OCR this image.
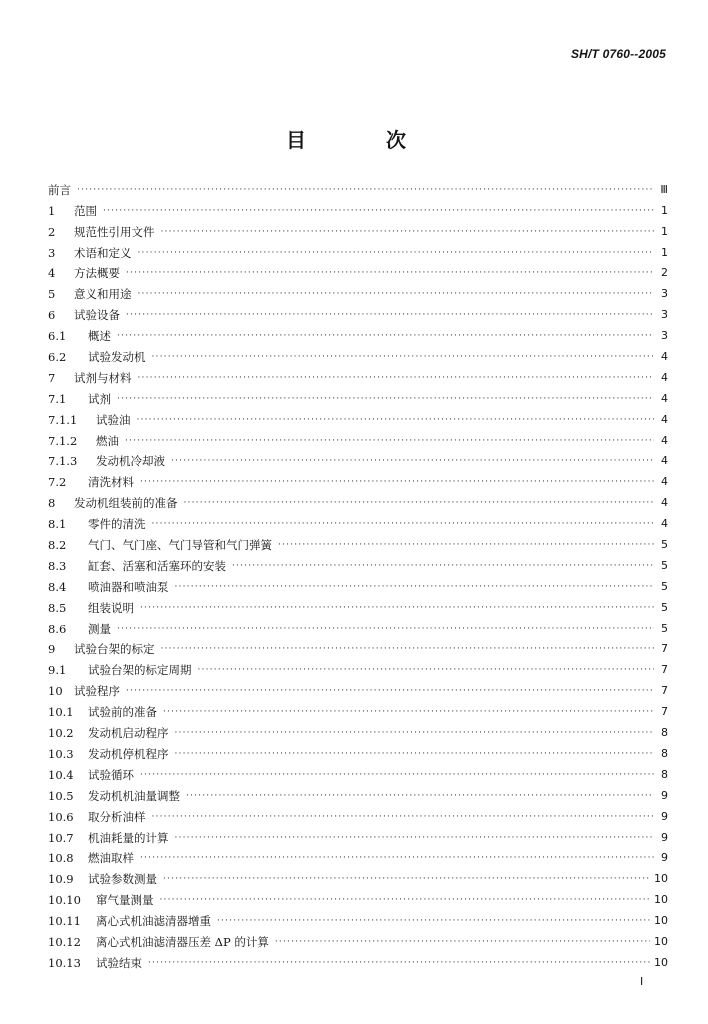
SH/T 0760--2005
目　次
前言 ·····	Ⅲ
1	范围 ·····	1
2	规范性引用文件 ·····	1
3	术语和定义 ·····	1
4	方法概要 ·····	2
5	意义和用途 ·····	3
6	试验设备 ·····	3
6.1	概述 ·····	3
6.2	试验发动机 ·····	4
7	试剂与材料 ·····	4
7.1	试剂 ·····	4
7.1.1 试验油 ·····	4
7.1.2 燃油 ·····	4
7.1.3 发动机冷却液 ·····	4
7.2	清洗材料 ·····	4
8	发动机组装前的准备 ·····	4
8.1	零件的清洗 ·····	4
8.2	气门、气门座、气门导管和气门弹簧 ·····	5
8.3	缸套、活塞和活塞环的安装 ·····	5
8.4	喷油器和喷油泵 ·····	5
8.5	组装说明 ·····	5
8.6	测量 ·····	5
9	试验台架的标定 ·····	7
9.1	试验台架的标定周期 ·····	7
10 试验程序 ·····	7
10.1 试验前的准备 ·····	7
10.2 发动机启动程序 ·····	8
10.3 发动机停机程序 ·····	8
10.4 试验循环 ·····	8
10.5 发动机机油量调整 ·····	9
10.6 取分析油样 ·····	9
10.7 机油耗量的计算 ·····	9
10.8 燃油取样 ·····	9
10.9 试验参数测量 ·····	10
10.10 窜气量测量 ·····	10
10.11 离心式机油滤清器增重 ·····	10
10.12 离心式机油滤清器压差 ΔP 的计算 ·····	10
10.13 试验结束 ·····	10
I
